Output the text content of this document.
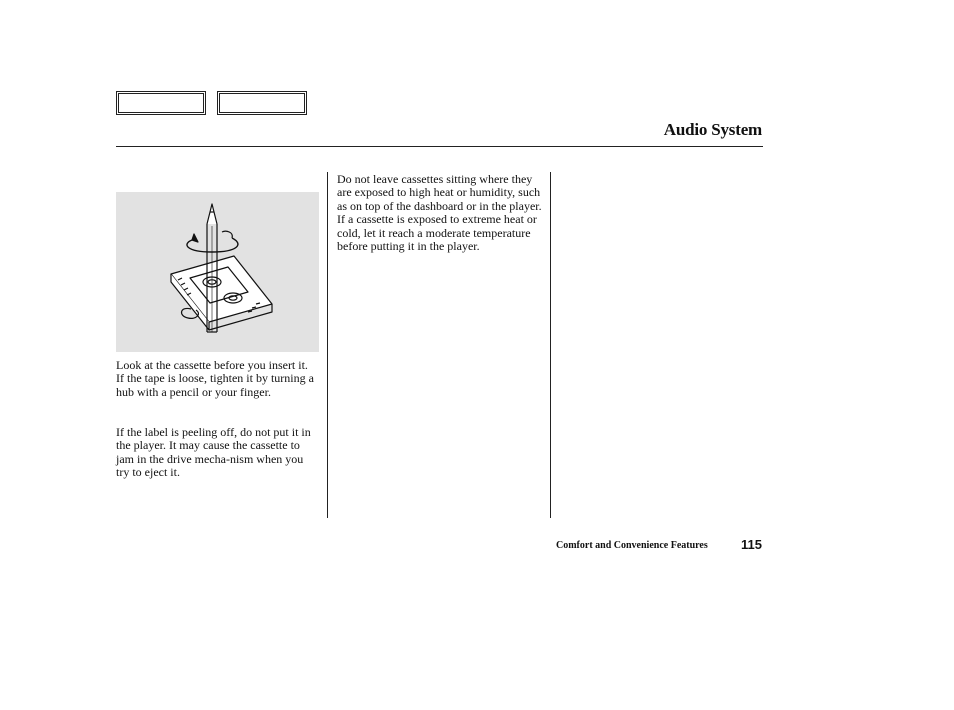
Audio System
Look at the cassette before you insert it. If the tape is loose, tighten it by turning a hub with a pencil or your finger.
If the label is peeling off, do not put it in the player. It may cause the cassette to jam in the drive mecha-nism when you try to eject it.
Do not leave cassettes sitting where they are exposed to high heat or humidity, such as on top of the dashboard or in the player. If a cassette is exposed to extreme heat or cold, let it reach a moderate temperature before putting it in the player.
Comfort and Convenience Features	115
